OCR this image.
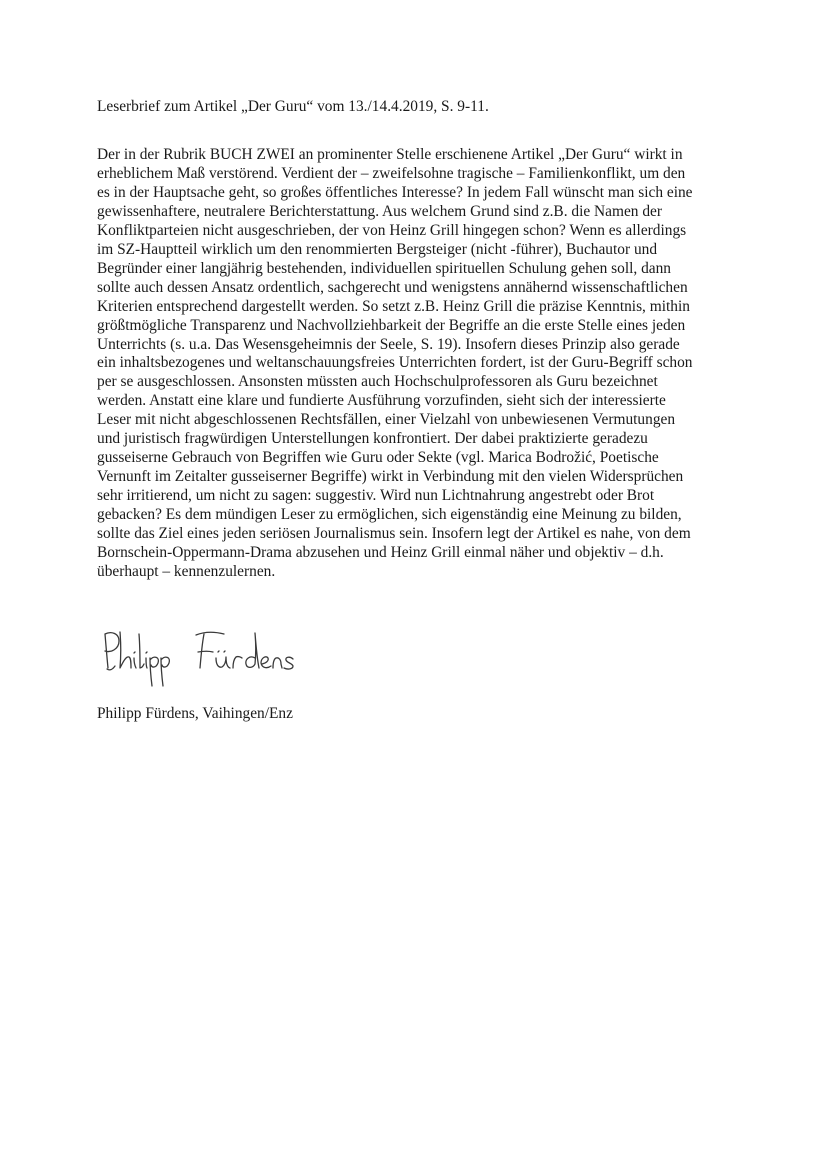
Leserbrief zum Artikel „Der Guru“ vom 13./14.4.2019, S. 9-11.

Der in der Rubrik BUCH ZWEI an prominenter Stelle erschienene Artikel „Der Guru“ wirkt in
erheblichem Maß verstörend. Verdient der – zweifelsohne tragische – Familienkonflikt, um den
es in der Hauptsache geht, so großes öffentliches Interesse? In jedem Fall wünscht man sich eine
gewissenhaftere, neutralere Berichterstattung. Aus welchem Grund sind z.B. die Namen der
Konfliktparteien nicht ausgeschrieben, der von Heinz Grill hingegen schon? Wenn es allerdings
im SZ-Hauptteil wirklich um den renommierten Bergsteiger (nicht -führer), Buchautor und
Begründer einer langjährig bestehenden, individuellen spirituellen Schulung gehen soll, dann
sollte auch dessen Ansatz ordentlich, sachgerecht und wenigstens annähernd wissenschaftlichen
Kriterien entsprechend dargestellt werden. So setzt z.B. Heinz Grill die präzise Kenntnis, mithin
größtmögliche Transparenz und Nachvollziehbarkeit der Begriffe an die erste Stelle eines jeden
Unterrichts (s. u.a. Das Wesensgeheimnis der Seele, S. 19). Insofern dieses Prinzip also gerade
ein inhaltsbezogenes und weltanschauungsfreies Unterrichten fordert, ist der Guru-Begriff schon
per se ausgeschlossen. Ansonsten müssten auch Hochschulprofessoren als Guru bezeichnet
werden. Anstatt eine klare und fundierte Ausführung vorzufinden, sieht sich der interessierte
Leser mit nicht abgeschlossenen Rechtsfällen, einer Vielzahl von unbewiesenen Vermutungen
und juristisch fragwürdigen Unterstellungen konfrontiert. Der dabei praktizierte geradezu
gusseiserne Gebrauch von Begriffen wie Guru oder Sekte (vgl. Marica Bodrožić, Poetische
Vernunft im Zeitalter gusseiserner Begriffe) wirkt in Verbindung mit den vielen Widersprüchen
sehr irritierend, um nicht zu sagen: suggestiv. Wird nun Lichtnahrung angestrebt oder Brot
gebacken? Es dem mündigen Leser zu ermöglichen, sich eigenständig eine Meinung zu bilden,
sollte das Ziel eines jeden seriösen Journalismus sein. Insofern legt der Artikel es nahe, von dem
Bornschein-Oppermann-Drama abzusehen und Heinz Grill einmal näher und objektiv – d.h.
überhaupt – kennenzulernen.

Philipp Fürdens, Vaihingen/Enz
